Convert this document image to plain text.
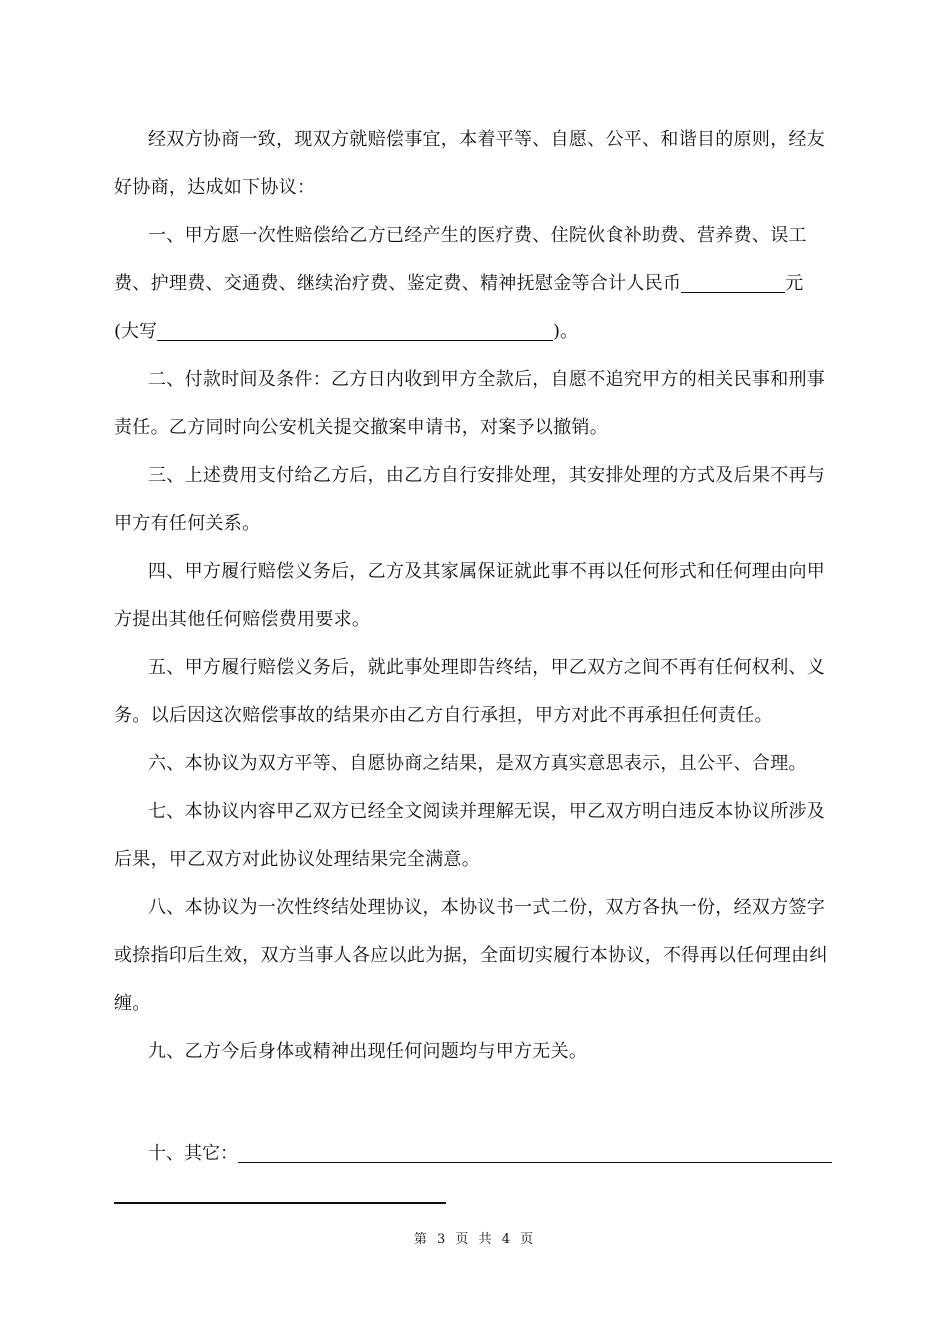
经双方协商一致，现双方就赔偿事宜，本着平等、自愿、公平、和谐目的原则，经友好协商，达成如下协议：
一、甲方愿一次性赔偿给乙方已经产生的医疗费、住院伙食补助费、营养费、误工费、护理费、交通费、继续治疗费、鉴定费、精神抚慰金等合计人民币	元
(大写	)。
二、付款时间及条件：乙方日内收到甲方全款后，自愿不追究甲方的相关民事和刑事责任。乙方同时向公安机关提交撤案申请书，对案予以撤销。
三、上述费用支付给乙方后，由乙方自行安排处理，其安排处理的方式及后果不再与甲方有任何关系。
四、甲方履行赔偿义务后，乙方及其家属保证就此事不再以任何形式和任何理由向甲方提出其他任何赔偿费用要求。
五、甲方履行赔偿义务后，就此事处理即告终结，甲乙双方之间不再有任何权利、义务。以后因这次赔偿事故的结果亦由乙方自行承担，甲方对此不再承担任何责任。
六、本协议为双方平等、自愿协商之结果，是双方真实意思表示，且公平、合理。
七、本协议内容甲乙双方已经全文阅读并理解无误，甲乙双方明白违反本协议所涉及后果，甲乙双方对此协议处理结果完全满意。
八、本协议为一次性终结处理协议，本协议书一式二份，双方各执一份，经双方签字或捺指印后生效，双方当事人各应以此为据，全面切实履行本协议，不得再以任何理由纠缠。
九、乙方今后身体或精神出现任何问题均与甲方无关。
十、其它：
第 3 页 共 4 页
